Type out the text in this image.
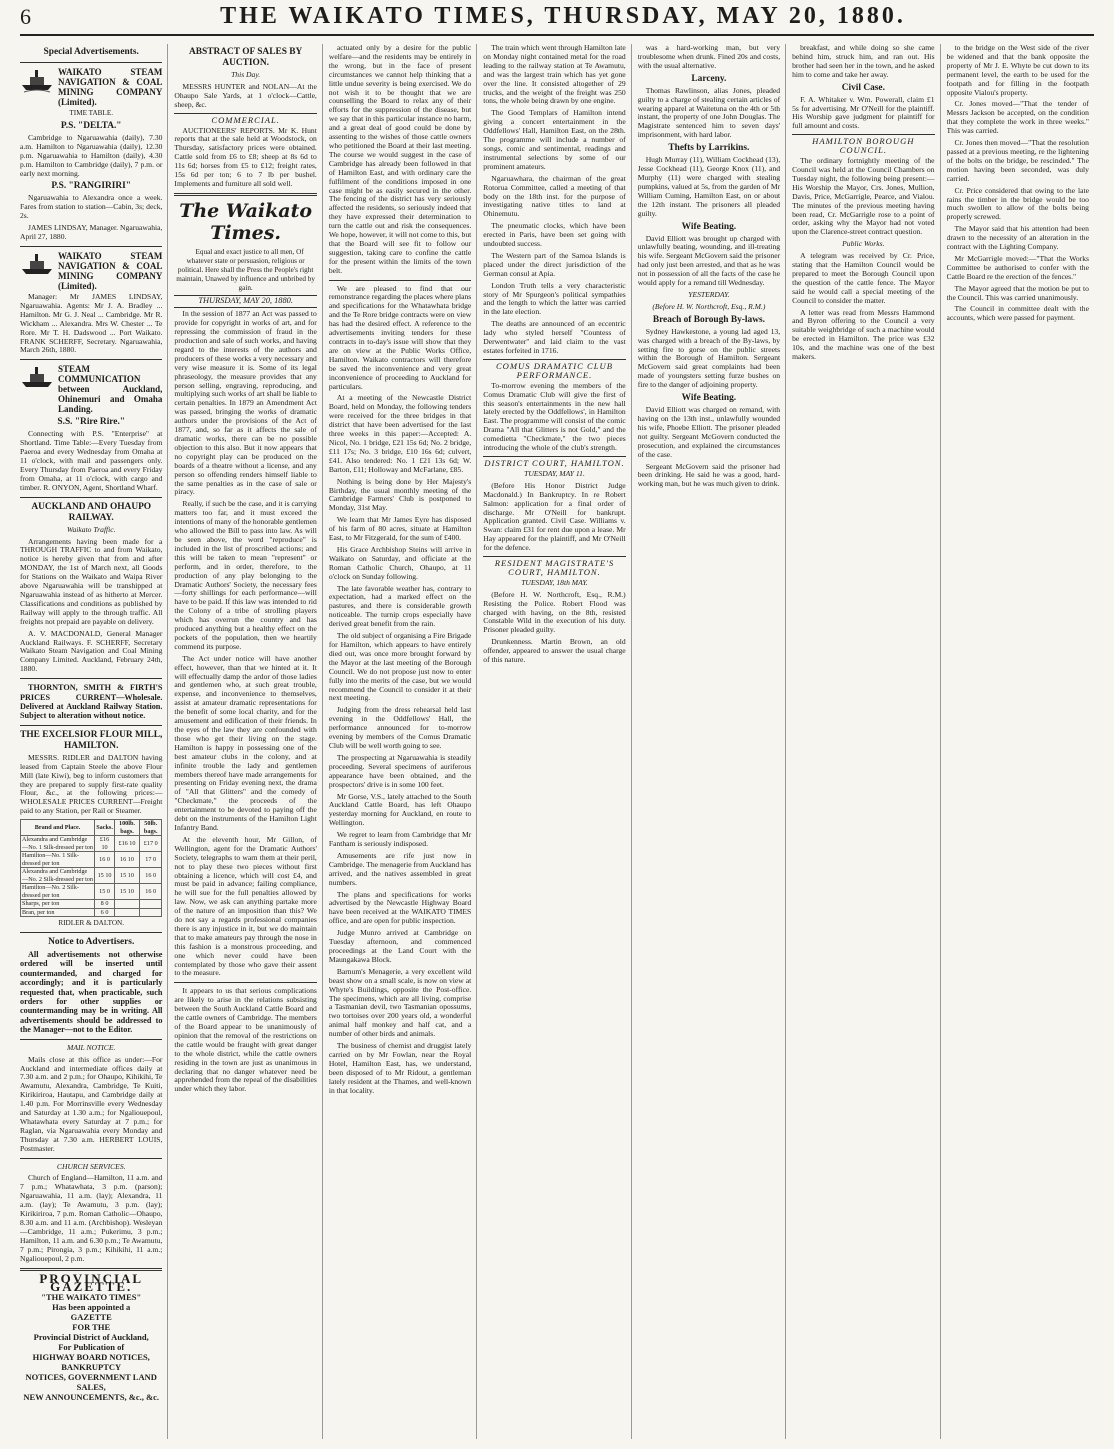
6	THE WAIKATO TIMES, THURSDAY, MAY 20, 1880.
Special Advertisements.
WAIKATO STEAM NAVIGATION & COAL MINING COMPANY (Limited).
TIME TABLE.
P.S. "DELTA."

Cambridge to Ngaruawahia (daily), 7.30 a.m. Hamilton to Ngaruawahia (daily), 12.30 p.m. Ngaruawahia to Hamilton (daily), 4.30 p.m. Hamilton to Cambridge (daily), 7 p.m. or early next morning.

P.S. "RANGIRIRI"

Ngaruawahia to Alexandra once a week. Fares from station to station—Cabin, 3s; deck, 2s.

JAMES LINDSAY, Manager. Ngaruawahia, April 27, 1880.

WAIKATO STEAM NAVIGATION & COAL MINING COMPANY (Limited).

Manager: Mr JAMES LINDSAY, Ngaruawahia. Agents: Mr J. A. Bradley ... Hamilton. Mr G. J. Neal ... Cambridge. Mr R. Wickham ... Alexandra. Mrs W. Chester ... Te Rore. Mr T. H. Dadswood ... Port Waikato. FRANK SCHERFF, Secretary. Ngaruawahia, March 26th, 1880.

STEAM COMMUNICATION between Auckland, Ohinemuri and Omaha Landing.
S.S. "Rire Rire."

Connecting with P.S. "Enterprise" at Shortland. Time Table:—Every Tuesday from Paeroa and every Wednesday from Omaha at 11 o'clock, with mail and passengers only. Every Thursday from Paeroa and every Friday from Omaha, at 11 o'clock, with cargo and timber. R. ONYON, Agent, Shortland Wharf.

AUCKLAND AND OHAUPO RAILWAY.
Waikato Traffic.

Arrangements having been made for a THROUGH TRAFFIC to and from Waikato, notice is hereby given that from and after MONDAY, the 1st of March next, all Goods for Stations on the Waikato and Waipa River above Ngaruawahia will be transhipped at Ngaruawahia instead of as hitherto at Mercer. Classifications and conditions as published by Railway will apply to the through traffic. All freights not prepaid are payable on delivery.

A. V. MACDONALD, General Manager Auckland Railways. F. SCHERFF, Secretary Waikato Steam Navigation and Coal Mining Company Limited. Auckland, February 24th, 1880.

THORNTON, SMITH & FIRTH'S PRICES CURRENT—Wholesale. Delivered at Auckland Railway Station. Subject to alteration without notice.

THE EXCELSIOR FLOUR MILL, HAMILTON.

MESSRS. RIDLER and DALTON having leased from Captain Steele the above Flour Mill (late Kiwi), beg to inform customers that they are prepared to supply first-rate quality Flour, &c., at the following prices:— WHOLESALE PRICES CURRENT—Freight paid to any Station, per Rail or Steamer.

Brand and Place.	Sacks.	100lb. bags.	50lb. bags.
Alexandra and Cambridge—No. 1 Silk-dressed per ton	£16 10	£16 10	£17 0
Hamilton—No. 1 Silk-dressed per ton	16 0	16 10	17 0
Alexandra and Cambridge—No. 2 Silk-dressed per ton	15 10	15 10	16 0
Hamilton—No. 2 Silk-dressed per ton	15 0	15 10	16 0
Sharps, per ton	8 0		
Bran, per ton	6 0		
RIDLER & DALTON.
Notice to Advertisers.

All advertisements not otherwise ordered will be inserted until countermanded, and charged for accordingly; and it is particularly requested that, when practicable, such orders for other supplies or countermanding may be in writing. All advertisements should be addressed to the Manager—not to the Editor.

MAIL NOTICE.

Mails close at this office as under:—For Auckland and intermediate offices daily at 7.30 a.m. and 2 p.m.; for Ohaupo, Kihikihi, Te Awamutu, Alexandra, Cambridge, Te Kuiti, Kirikiriroa, Hautapu, and Cambridge daily at 1.40 p.m. For Morrinsville every Wednesday and Saturday at 1.30 a.m.; for Ngaliouepoul, Whatawhata every Saturday at 7 p.m.; for Raglan, via Ngaruawahia every Monday and Thursday at 7.30 a.m. HERBERT LOUIS, Postmaster.

CHURCH SERVICES.

Church of England—Hamilton, 11 a.m. and 7 p.m.; Whatawhata, 3 p.m. (parson); Ngaruawahia, 11 a.m. (lay); Alexandra, 11 a.m. (lay); Te Awamutu, 3 p.m. (lay); Kirikiriroa, 7 p.m. Roman Catholic—Ohaupo, 8.30 a.m. and 11 a.m. (Archbishop). Wesleyan—Cambridge, 11 a.m.; Pukerimu, 3 p.m.; Hamilton, 11 a.m. and 6.30 p.m.; Te Awamutu, 7 p.m.; Pirongia, 3 p.m.; Kihikihi, 11 a.m.; Ngaliouepoul, 2 p.m.

PROVINCIAL GAZETTE.
"THE WAIKATO TIMES"
Has been appointed a
GAZETTE
FOR THE
Provincial District of Auckland,
For Publication of
HIGHWAY BOARD NOTICES, BANKRUPTCY
NOTICES, GOVERNMENT LAND SALES,
NEW ANNOUNCEMENTS, &c., &c.
ABSTRACT OF SALES BY AUCTION.
This Day.

MESSRS HUNTER and NOLAN—At the Ohaupo Sale Yards, at 1 o'clock—Cattle, sheep, &c.

COMMERCIAL.

AUCTIONEERS' REPORTS. Mr K. Hunt reports that at the sale held at Woodstock, on Thursday, satisfactory prices were obtained. Cattle sold from £6 to £8; sheep at 8s 6d to 11s 6d; horses from £5 to £12; freight rates, 15s 6d per ton; 6 to 7 lb per bushel. Implements and furniture all sold well.

The Waikato Times.

Equal and exact justice to all men, Of whatever state or persuasion, religious or political. Here shall the Press the People's right maintain, Unawed by influence and unbribed by gain.

THURSDAY, MAY 20, 1880.

In the session of 1877 an Act was passed to provide for copyright in works of art, and for repressing the commission of fraud in the production and sale of such works, and having regard to the interests of the authors and producers of these works a very necessary and very wise measure it is. Some of its legal phraseology, the measure provides that any person selling, engraving, reproducing, and multiplying such works of art shall be liable to certain penalties. In 1879 an Amendment Act was passed, bringing the works of dramatic authors under the provisions of the Act of 1877, and, so far as it affects the sale of dramatic works, there can be no possible objection to this also. But it now appears that no copyright play can be produced on the boards of a theatre without a license, and any person so offending renders himself liable to the same penalties as in the case of sale or piracy.

Really, if such be the case, and it is carrying matters too far, and it must exceed the intentions of many of the honorable gentlemen who allowed the Bill to pass into law. As will be seen above, the word "reproduce" is included in the list of proscribed actions; and this will be taken to mean "represent" or perform, and in order, therefore, to the production of any play belonging to the Dramatic Authors' Society, the necessary fees—forty shillings for each performance—will have to be paid. If this law was intended to rid the Colony of a tribe of strolling players which has overrun the country and has produced anything but a healthy effect on the pockets of the population, then we heartily commend its purpose.

The Act under notice will have another effect, however, than that we hinted at it. It will effectually damp the ardor of those ladies and gentlemen who, at such great trouble, expense, and inconvenience to themselves, assist at amateur dramatic representations for the benefit of some local charity, and for the amusement and edification of their friends. In the eyes of the law they are confounded with those who get their living on the stage. Hamilton is happy in possessing one of the best amateur clubs in the colony, and at infinite trouble the lady and gentlemen members thereof have made arrangements for presenting on Friday evening next, the drama of "All that Glitters" and the comedy of "Checkmate," the proceeds of the entertainment to be devoted to paying off the debt on the instruments of the Hamilton Light Infantry Band.

At the eleventh hour, Mr Gillon, of Wellington, agent for the Dramatic Authors' Society, telegraphs to warn them at their peril, not to play these two pieces without first obtaining a licence, which will cost £4, and must be paid in advance; failing compliance, he will sue for the full penalties allowed by law. Now, we ask can anything partake more of the nature of an imposition than this? We do not say a regards professional companies there is any injustice in it, but we do maintain that to make amateurs pay through the nose in this fashion is a monstrous proceeding, and one which never could have been contemplated by those who gave their assent to the measure.

It appears to us that serious complications are likely to arise in the relations subsisting between the South Auckland Cattle Board and the cattle owners of Cambridge. The members of the Board appear to be unanimously of opinion that the removal of the restrictions on the cattle would be fraught with great danger to the whole district, while the cattle owners residing in the town are just as unanimous in declaring that no danger whatever need be apprehended from the repeal of the disabilities under which they labor.

actuated only by a desire for the public welfare—and the residents may be entirely in the wrong, but in the face of present circumstances we cannot help thinking that a little undue severity is being exercised. We do not wish it to be thought that we are counselling the Board to relax any of their efforts for the suppression of the disease, but we say that in this particular instance no harm, and a great deal of good could be done by assenting to the wishes of those cattle owners who petitioned the Board at their last meeting. The course we would suggest in the case of Cambridge has already been followed in that of Hamilton East, and with ordinary care the fulfilment of the conditions imposed in one case might be as easily secured in the other. The fencing of the district has very seriously affected the residents, so seriously indeed that they have expressed their determination to turn the cattle out and risk the consequences. We hope, however, it will not come to this, but that the Board will see fit to follow our suggestion, taking care to confine the cattle for the present within the limits of the town belt.

We are pleased to find that our remonstrance regarding the places where plans and specifications for the Whatawhata bridge and the Te Rore bridge contracts were on view has had the desired effect. A reference to the advertisements inviting tenders for these contracts in to-day's issue will show that they are on view at the Public Works Office, Hamilton. Waikato contractors will therefore be saved the inconvenience and very great inconvenience of proceeding to Auckland for particulars.

At a meeting of the Newcastle District Board, held on Monday, the following tenders were received for the three bridges in that district that have been advertised for the last three weeks in this paper:—Accepted: A. Nicol, No. 1 bridge, £21 15s 6d; No. 2 bridge, £11 17s; No. 3 bridge, £10 16s 6d; culvert, £41. Also tendered: No. 1 £21 13s 6d; W. Barton, £11; Holloway and McFarlane, £85.

Nothing is being done by Her Majesty's Birthday, the usual monthly meeting of the Cambridge Farmers' Club is postponed to Monday, 31st May.

We learn that Mr James Eyre has disposed of his farm of 80 acres, situate at Hamilton East, to Mr Fitzgerald, for the sum of £400.

His Grace Archbishop Steins will arrive in Waikato on Saturday, and officiate at the Roman Catholic Church, Ohaupo, at 11 o'clock on Sunday following.

The late favorable weather has, contrary to expectation, had a marked effect on the pastures, and there is considerable growth noticeable. The turnip crops especially have derived great benefit from the rain.

The old subject of organising a Fire Brigade for Hamilton, which appears to have entirely died out, was once more brought forward by the Mayor at the last meeting of the Borough Council. We do not propose just now to enter fully into the merits of the case, but we would recommend the Council to consider it at their next meeting.

Judging from the dress rehearsal held last evening in the Oddfellows' Hall, the performance announced for to-morrow evening by members of the Comus Dramatic Club will be well worth going to see.

The prospecting at Ngaruawahia is steadily proceeding. Several specimens of auriferous appearance have been obtained, and the prospectors' drive is in some 100 feet.

Mr Gorse, V.S., lately attached to the South Auckland Cattle Board, has left Ohaupo yesterday morning for Auckland, en route to Wellington.

We regret to learn from Cambridge that Mr Fantham is seriously indisposed.

Amusements are rife just now in Cambridge. The menagerie from Auckland has arrived, and the natives assembled in great numbers.

The plans and specifications for works advertised by the Newcastle Highway Board have been received at the WAIKATO TIMES office, and are open for public inspection.

Judge Munro arrived at Cambridge on Tuesday afternoon, and commenced proceedings at the Land Court with the Maungakawa Block.

Barnum's Menagerie, a very excellent wild beast show on a small scale, is now on view at Whyte's Buildings, opposite the Post-office. The specimens, which are all living, comprise a Tasmanian devil, two Tasmanian opossums, two tortoises over 200 years old, a wonderful animal half monkey and half cat, and a number of other birds and animals.

The business of chemist and druggist lately carried on by Mr Fowlan, near the Royal Hotel, Hamilton East, has, we understand, been disposed of to Mr Ridout, a gentleman lately resident at the Thames, and well-known in that locality.

The train which went through Hamilton late on Monday night contained metal for the road leading to the railway station at Te Awamutu, and was the largest train which has yet gone over the line. It consisted altogether of 29 trucks, and the weight of the freight was 250 tons, the whole being drawn by one engine.

The Good Templars of Hamilton intend giving a concert entertainment in the Oddfellows' Hall, Hamilton East, on the 28th. The programme will include a number of songs, comic and sentimental, readings and instrumental selections by some of our prominent amateurs.

Ngaruawhara, the chairman of the great Rotorua Committee, called a meeting of that body on the 18th inst. for the purpose of investigating native titles to land at Ohinemutu.

The pneumatic clocks, which have been erected in Paris, have been set going with undoubted success.

The Western part of the Samoa Islands is placed under the direct jurisdiction of the German consul at Apia.

London Truth tells a very characteristic story of Mr Spurgeon's political sympathies and the length to which the latter was carried in the late election.

The deaths are announced of an eccentric lady who styled herself "Countess of Derwentwater" and laid claim to the vast estates forfeited in 1716.

COMUS DRAMATIC CLUB PERFORMANCE.

To-morrow evening the members of the Comus Dramatic Club will give the first of this season's entertainments in the new hall lately erected by the Oddfellows', in Hamilton East. The programme will consist of the comic Drama "All that Glitters is not Gold," and the comedietta "Checkmate," the two pieces introducing the whole of the club's strength.

DISTRICT COURT, HAMILTON.
TUESDAY, MAY 11.

(Before His Honor District Judge Macdonald.) In Bankruptcy. In re Robert Salmon: application for a final order of discharge. Mr O'Neill for bankrupt. Application granted. Civil Case. Williams v. Swan: claim £31 for rent due upon a lease. Mr Hay appeared for the plaintiff, and Mr O'Neill for the defence.

RESIDENT MAGISTRATE'S COURT, HAMILTON.
TUESDAY, 18th MAY.

(Before H. W. Northcroft, Esq., R.M.) Resisting the Police. Robert Flood was charged with having, on the 8th, resisted Constable Wild in the execution of his duty. Prisoner pleaded guilty.

Drunkenness. Martin Brown, an old offender, appeared to answer the usual charge of this nature.

was a hard-working man, but very troublesome when drunk. Fined 20s and costs, with the usual alternative.

Larceny.

Thomas Rawlinson, alias Jones, pleaded guilty to a charge of stealing certain articles of wearing apparel at Waitetuna on the 4th or 5th instant, the property of one John Douglas. The Magistrate sentenced him to seven days' imprisonment, with hard labor.

Thefts by Larrikins.

Hugh Murray (11), William Cockhead (13), Jesse Cockhead (11), George Knox (11), and Murphy (11) were charged with stealing pumpkins, valued at 5s, from the garden of Mr William Cuming, Hamilton East, on or about the 12th instant. The prisoners all pleaded guilty.

Wife Beating.

David Elliott was brought up charged with unlawfully beating, wounding, and ill-treating his wife. Sergeant McGovern said the prisoner had only just been arrested, and that as he was not in possession of all the facts of the case he would apply for a remand till Wednesday.

YESTERDAY.
(Before H. W. Northcroft, Esq., R.M.)
Breach of Borough By-laws.

Sydney Hawkestone, a young lad aged 13, was charged with a breach of the By-laws, by setting fire to gorse on the public streets within the Borough of Hamilton. Sergeant McGovern said great complaints had been made of youngsters setting furze bushes on fire to the danger of adjoining property.

Wife Beating.

David Elliott was charged on remand, with having on the 13th inst., unlawfully wounded his wife, Phoebe Elliott. The prisoner pleaded not guilty. Sergeant McGovern conducted the prosecution, and explained the circumstances of the case.

Sergeant McGovern said the prisoner had been drinking. He said he was a good, hard-working man, but he was much given to drink.

breakfast, and while doing so she came behind him, struck him, and ran out. His brother had seen her in the town, and he asked him to come and take her away.

Civil Case.

F. A. Whitaker v. Wm. Powerall, claim £1 5s for advertising. Mr O'Neill for the plaintiff. His Worship gave judgment for plaintiff for full amount and costs.

HAMILTON BOROUGH COUNCIL.

The ordinary fortnightly meeting of the Council was held at the Council Chambers on Tuesday night, the following being present:—His Worship the Mayor, Crs. Jones, Mullion, Davis, Price, McGarrigle, Pearce, and Vialou. The minutes of the previous meeting having been read, Cr. McGarrigle rose to a point of order, asking why the Mayor had not voted upon the Clarence-street contract question.

Public Works.

A telegram was received by Cr. Price, stating that the Hamilton Council would be prepared to meet the Borough Council upon the question of the cattle fence. The Mayor said he would call a special meeting of the Council to consider the matter.

A letter was read from Messrs Hammond and Byron offering to the Council a very suitable weighbridge of such a machine would be erected in Hamilton. The price was £32 10s, and the machine was one of the best makers.

to the bridge on the West side of the river be widened and that the bank opposite the property of Mr J. E. Whyte be cut down to its permanent level, the earth to be used for the footpath and for filling in the footpath opposite Vialou's property.

Cr. Jones moved—"That the tender of Messrs Jackson be accepted, on the condition that they complete the work in three weeks." This was carried.

Cr. Jones then moved—"That the resolution passed at a previous meeting, re the lightening of the bolts on the bridge, be rescinded." The motion having been seconded, was duly carried.

Cr. Price considered that owing to the late rains the timber in the bridge would be too much swollen to allow of the bolts being properly screwed.

The Mayor said that his attention had been drawn to the necessity of an alteration in the contract with the Lighting Company.

Mr McGarrigle moved:—"That the Works Committee be authorised to confer with the Cattle Board re the erection of the fences."

The Mayor agreed that the motion be put to the Council. This was carried unanimously.

The Council in committee dealt with the accounts, which were passed for payment.
